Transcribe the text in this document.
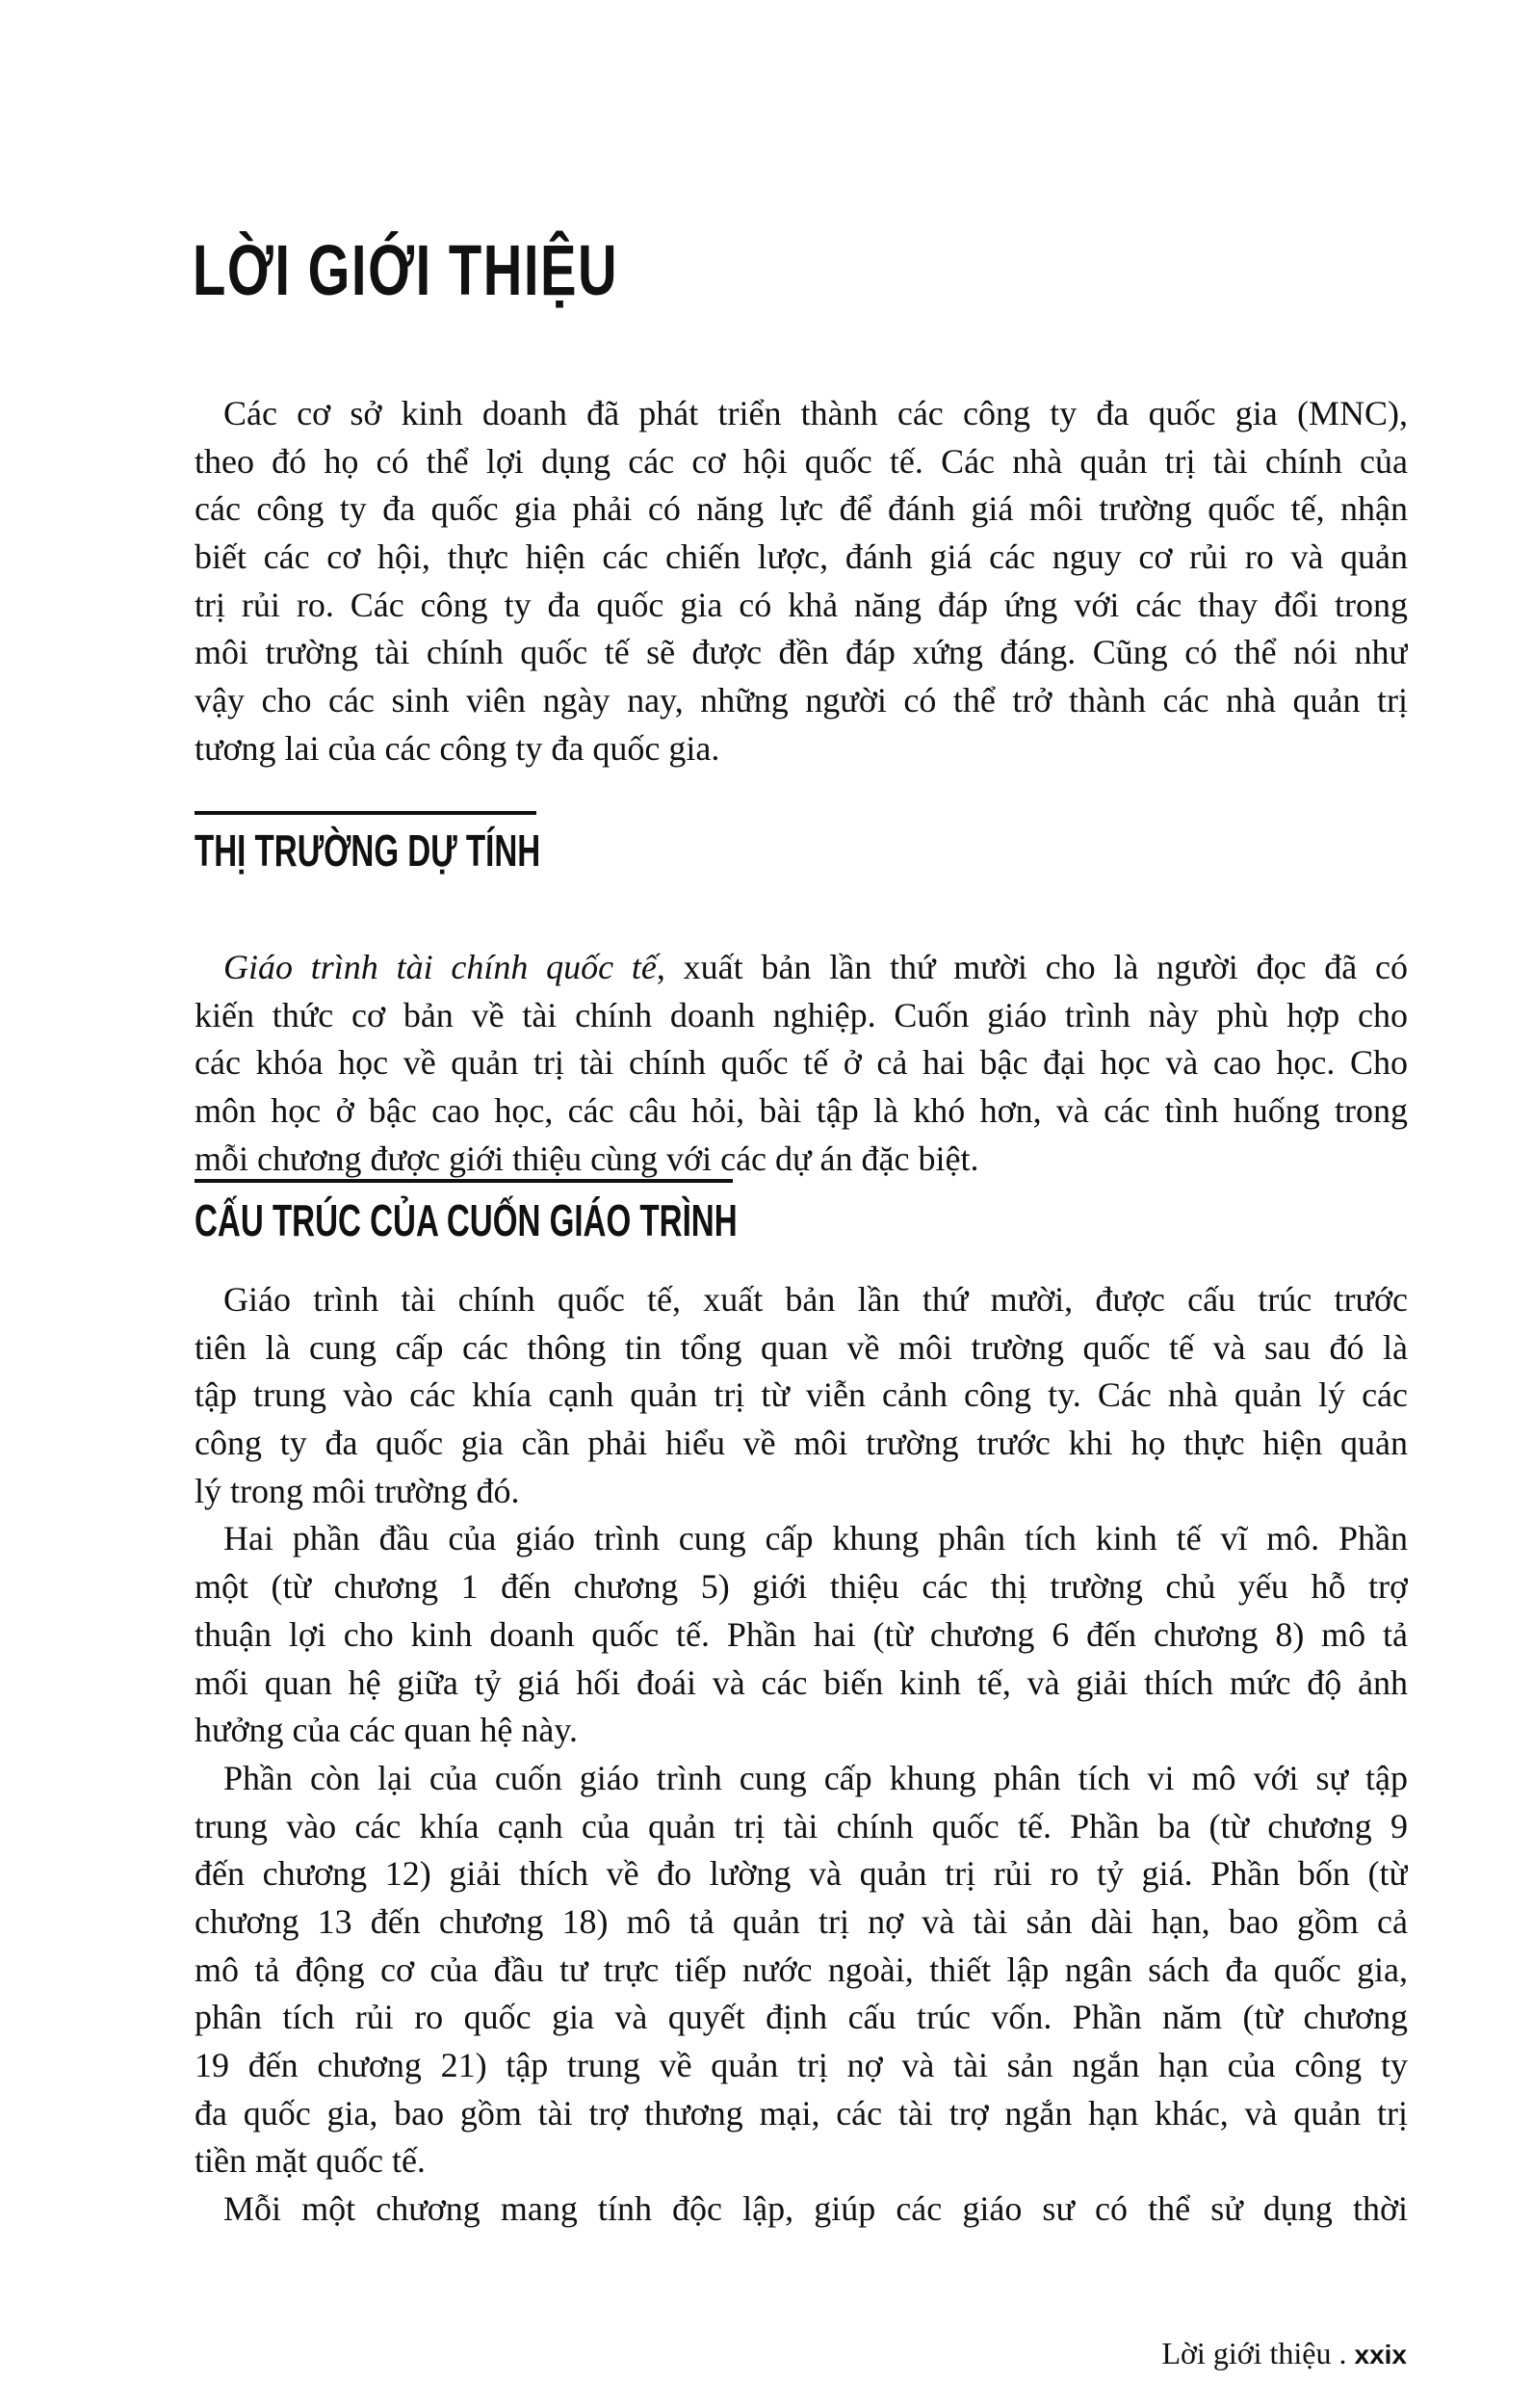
LỜI GIỚI THIỆU
Các cơ sở kinh doanh đã phát triển thành các công ty đa quốc gia (MNC),
theo đó họ có thể lợi dụng các cơ hội quốc tế. Các nhà quản trị tài chính của
các công ty đa quốc gia phải có năng lực để đánh giá môi trường quốc tế, nhận
biết các cơ hội, thực hiện các chiến lược, đánh giá các nguy cơ rủi ro và quản
trị rủi ro. Các công ty đa quốc gia có khả năng đáp ứng với các thay đổi trong
môi trường tài chính quốc tế sẽ được đền đáp xứng đáng. Cũng có thể nói như
vậy cho các sinh viên ngày nay, những người có thể trở thành các nhà quản trị
tương lai của các công ty đa quốc gia.
THỊ TRƯỜNG DỰ TÍNH
Giáo trình tài chính quốc tế, xuất bản lần thứ mười cho là người đọc đã có
kiến thức cơ bản về tài chính doanh nghiệp. Cuốn giáo trình này phù hợp cho
các khóa học về quản trị tài chính quốc tế ở cả hai bậc đại học và cao học. Cho
môn học ở bậc cao học, các câu hỏi, bài tập là khó hơn, và các tình huống trong
mỗi chương được giới thiệu cùng với các dự án đặc biệt.
CẤU TRÚC CỦA CUỐN GIÁO TRÌNH
Giáo trình tài chính quốc tế, xuất bản lần thứ mười, được cấu trúc trước
tiên là cung cấp các thông tin tổng quan về môi trường quốc tế và sau đó là
tập trung vào các khía cạnh quản trị từ viễn cảnh công ty. Các nhà quản lý các
công ty đa quốc gia cần phải hiểu về môi trường trước khi họ thực hiện quản
lý trong môi trường đó.
Hai phần đầu của giáo trình cung cấp khung phân tích kinh tế vĩ mô. Phần
một (từ chương 1 đến chương 5) giới thiệu các thị trường chủ yếu hỗ trợ
thuận lợi cho kinh doanh quốc tế. Phần hai (từ chương 6 đến chương 8) mô tả
mối quan hệ giữa tỷ giá hối đoái và các biến kinh tế, và giải thích mức độ ảnh
hưởng của các quan hệ này.
Phần còn lại của cuốn giáo trình cung cấp khung phân tích vi mô với sự tập
trung vào các khía cạnh của quản trị tài chính quốc tế. Phần ba (từ chương 9
đến chương 12) giải thích về đo lường và quản trị rủi ro tỷ giá. Phần bốn (từ
chương 13 đến chương 18) mô tả quản trị nợ và tài sản dài hạn, bao gồm cả
mô tả động cơ của đầu tư trực tiếp nước ngoài, thiết lập ngân sách đa quốc gia,
phân tích rủi ro quốc gia và quyết định cấu trúc vốn. Phần năm (từ chương
19 đến chương 21) tập trung về quản trị nợ và tài sản ngắn hạn của công ty
đa quốc gia, bao gồm tài trợ thương mại, các tài trợ ngắn hạn khác, và quản trị
tiền mặt quốc tế.
Mỗi một chương mang tính độc lập, giúp các giáo sư có thể sử dụng thời
Lời giới thiệu . xxix
